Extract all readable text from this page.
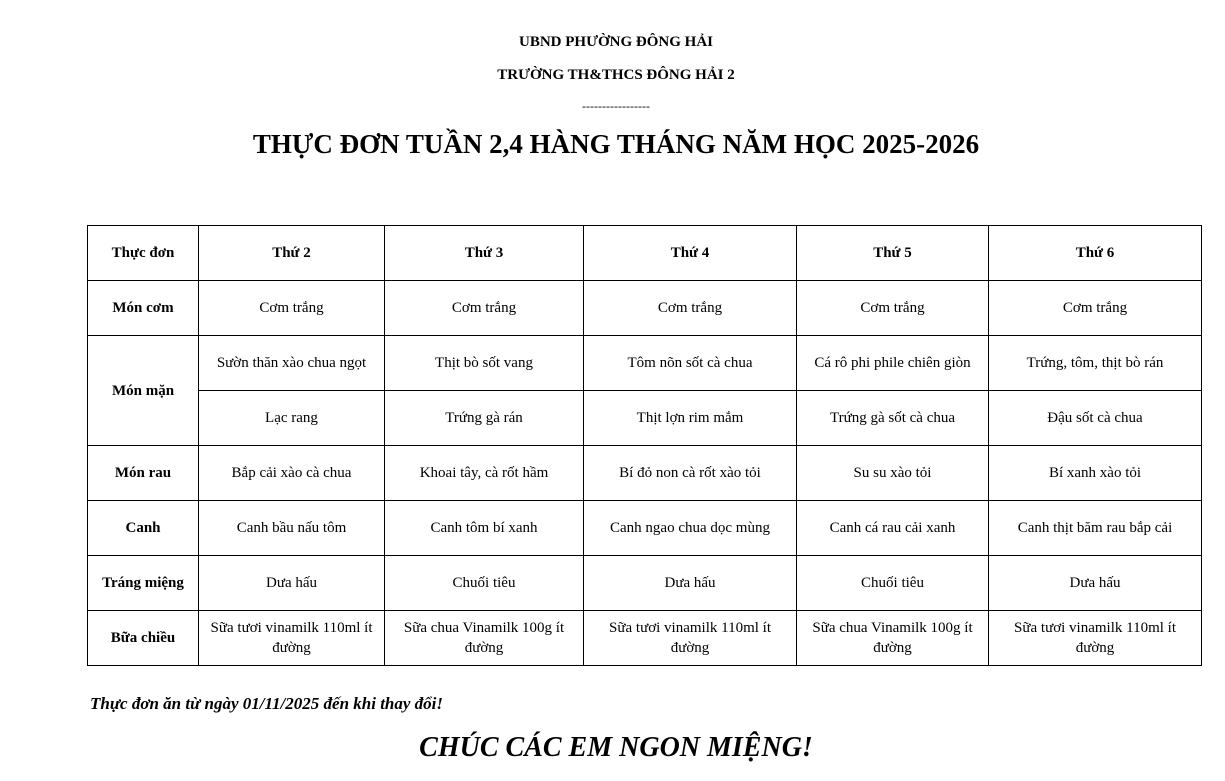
UBND PHƯỜNG ĐÔNG HẢI
TRƯỜNG TH&THCS ĐÔNG HẢI 2
-----------------
THỰC ĐƠN TUẦN 2,4 HÀNG THÁNG NĂM HỌC 2025-2026
Thực đơn	Thứ 2	Thứ 3	Thứ 4	Thứ 5	Thứ 6
Món cơm	Cơm trắng	Cơm trắng	Cơm trắng	Cơm trắng	Cơm trắng
Món mặn	Sườn thăn xào chua ngọt	Thịt bò sốt vang	Tôm nõn sốt cà chua	Cá rô phi phile chiên giòn	Trứng, tôm, thịt bò rán
	Lạc rang	Trứng gà rán	Thịt lợn rim mắm	Trứng gà sốt cà chua	Đậu sốt cà chua
Món rau	Bắp cải xào cà chua	Khoai tây, cà rốt hầm	Bí đỏ non cà rốt xào tỏi	Su su xào tỏi	Bí xanh xào tỏi
Canh	Canh bầu nấu tôm	Canh tôm bí xanh	Canh ngao chua dọc mùng	Canh cá rau cải xanh	Canh thịt băm rau bắp cải
Tráng miệng	Dưa hấu	Chuối tiêu	Dưa hấu	Chuối tiêu	Dưa hấu
Bữa chiều	Sữa tươi vinamilk 110ml ít đường	Sữa chua Vinamilk 100g ít đường	Sữa tươi vinamilk 110ml ít đường	Sữa chua Vinamilk 100g ít đường	Sữa tươi vinamilk 110ml ít đường
Thực đơn ăn từ ngày 01/11/2025 đến khi thay đổi!
CHÚC CÁC EM NGON MIỆNG!
